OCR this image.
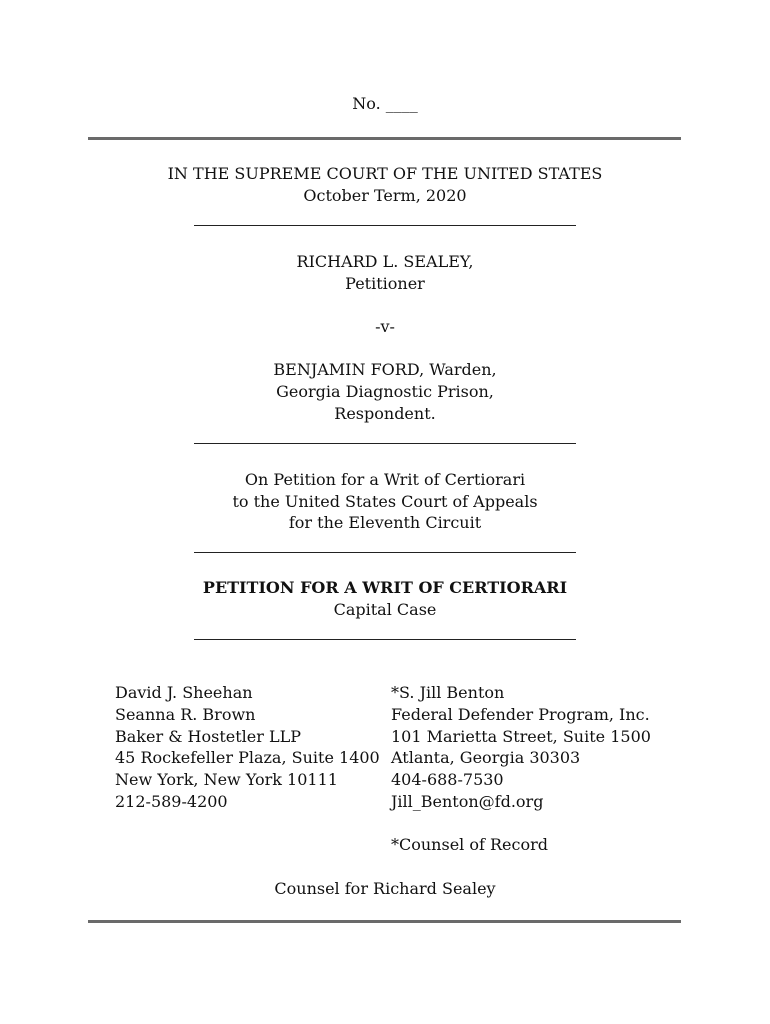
No. ____
IN THE SUPREME COURT OF THE UNITED STATES
October Term, 2020
RICHARD L. SEALEY,
Petitioner
-v-
BENJAMIN FORD, Warden,
Georgia Diagnostic Prison,
Respondent.
On Petition for a Writ of Certiorari
to the United States Court of Appeals
for the Eleventh Circuit
PETITION FOR A WRIT OF CERTIORARI
Capital Case
David J. Sheehan
Seanna R. Brown
Baker & Hostetler LLP
45 Rockefeller Plaza, Suite 1400
New York, New York 10111
212-589-4200
*S. Jill Benton
Federal Defender Program, Inc.
101 Marietta Street, Suite 1500
Atlanta, Georgia 30303
404-688-7530
Jill_Benton@fd.org
*Counsel of Record
Counsel for Richard Sealey
